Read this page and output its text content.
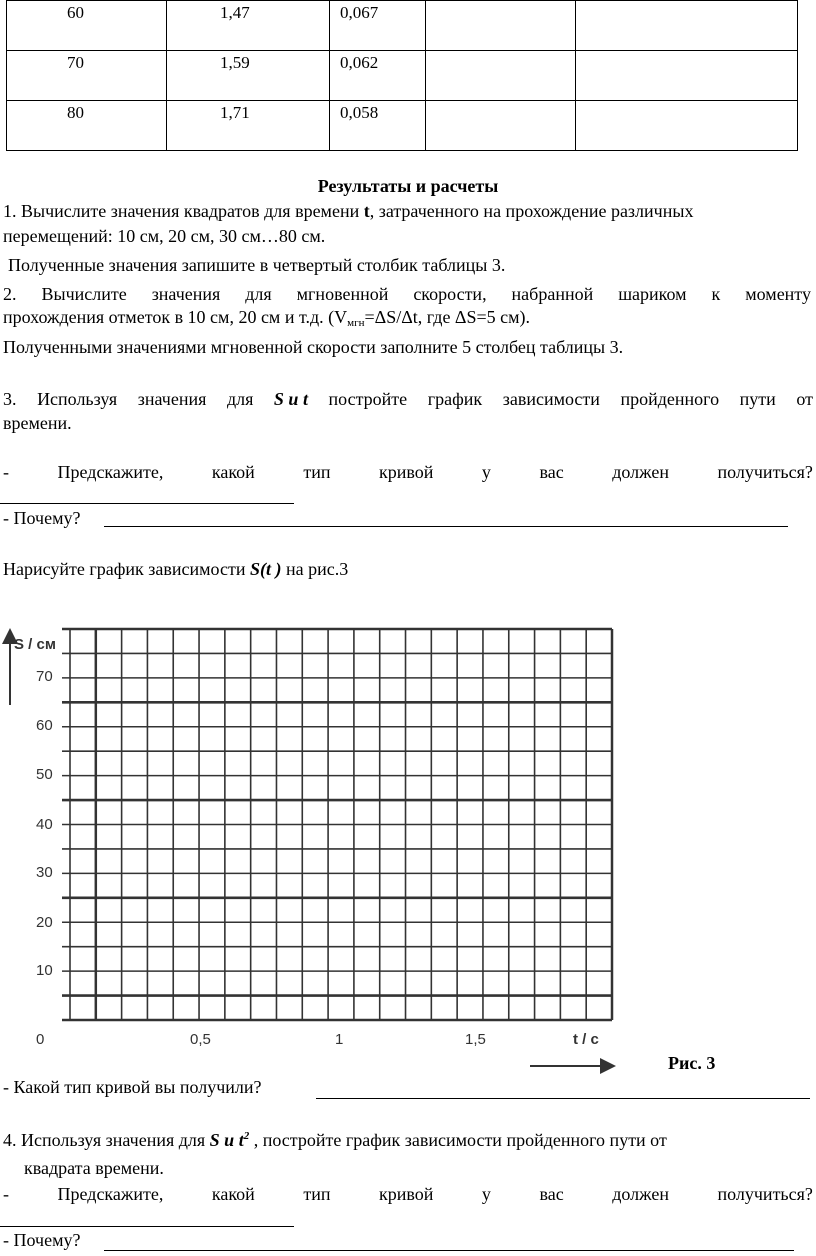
60	1,47	0,067		
70	1,59	0,062		
80	1,71	0,058		
Результаты и расчеты
1. Вычислите значения квадратов для времени t, затраченного на прохождение различных
перемещений: 10 см, 20 см, 30 см…80 см.
Полученные значения запишите в четвертый столбик таблицы 3.
2. Вычислите значения для мгновенной скорости, набранной шариком к моменту
прохождения отметок в 10 см, 20 см и т.д. ($V_{мгн}=\Delta S/\Delta t$, где ΔS=5 см).
Полученными значениями мгновенной скорости заполните 5 столбец таблицы 3.
3. Используя значения для S и t постройте график зависимости пройденного пути от
времени.
-	Предскажите,	какой	тип	кривой	у	вас	должен	получиться?
- Почему?
Нарисуйте график зависимости S(t ) на рис.3
S / см
70
60
50
40
30
20
10
0	0,5	1	1,5	t / c
Рис. 3
- Какой тип кривой вы получили?
4. Используя значения для S и $t^2$ , постройте график зависимости пройденного пути от
квадрата времени.
-	Предскажите,	какой	тип	кривой	у	вас	должен	получиться?
- Почему?
